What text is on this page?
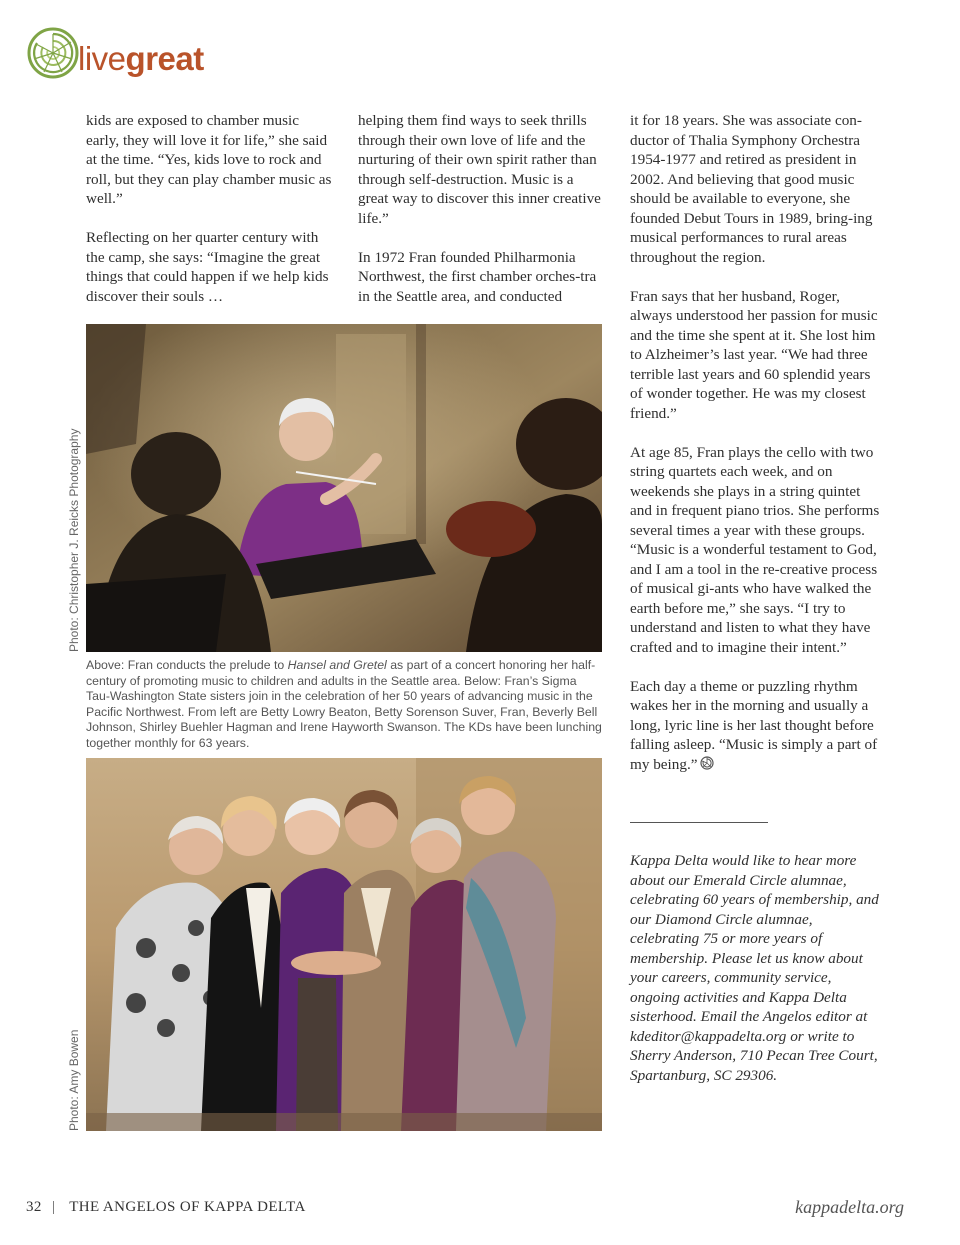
livegreat

kids are exposed to chamber music early, they will love it for life,” she said at the time. “Yes, kids love to rock and roll, but they can play chamber music as well.”

Reflecting on her quarter century with the camp, she says: “Imagine the great things that could happen if we help kids discover their souls …

helping them find ways to seek thrills through their own love of life and the nurturing of their own spirit rather than through self-destruction. Music is a great way to discover this inner creative life.”

In 1972 Fran founded Philharmonia Northwest, the first chamber orches-tra in the Seattle area, and conducted

it for 18 years. She was associate con-ductor of Thalia Symphony Orchestra 1954-1977 and retired as president in 2002. And believing that good music should be available to everyone, she founded Debut Tours in 1989, bring-ing musical performances to rural areas throughout the region.

Fran says that her husband, Roger, always understood her passion for music and the time she spent at it. She lost him to Alzheimer’s last year. “We had three terrible last years and 60 splendid years of wonder together. He was my closest friend.”

At age 85, Fran plays the cello with two string quartets each week, and on weekends she plays in a string quintet and in frequent piano trios. She performs several times a year with these groups. “Music is a wonderful testament to God, and I am a tool in the re-creative process of musical gi-ants who have walked the earth before me,” she says. “I try to understand and listen to what they have crafted and to imagine their intent.”

Each day a theme or puzzling rhythm wakes her in the morning and usually a long, lyric line is her last thought before falling asleep. “Music is simply a part of my being.”

Photo: Christopher J. Reicks Photography
Above: Fran conducts the prelude to Hansel and Gretel as part of a concert honoring her half-century of promoting music to children and adults in the Seattle area. Below: Fran’s Sigma Tau-Washington State sisters join in the celebration of her 50 years of advancing music in the Pacific Northwest. From left are Betty Lowry Beaton, Betty Sorenson Suver, Fran, Beverly Bell Johnson, Shirley Buehler Hagman and Irene Hayworth Swanson. The KDs have been lunching together monthly for 63 years.
Photo: Amy Bowen
Kappa Delta would like to hear more about our Emerald Circle alumnae, celebrating 60 years of membership, and our Diamond Circle alumnae, celebrating 75 or more years of membership. Please let us know about your careers, community service, ongoing activities and Kappa Delta sisterhood. Email the Angelos editor at kdeditor@kappadelta.org or write to Sherry Anderson, 710 Pecan Tree Court, Spartanburg, SC 29306.
32 | THE ANGELOS OF KAPPA DELTA	kappadelta.org
